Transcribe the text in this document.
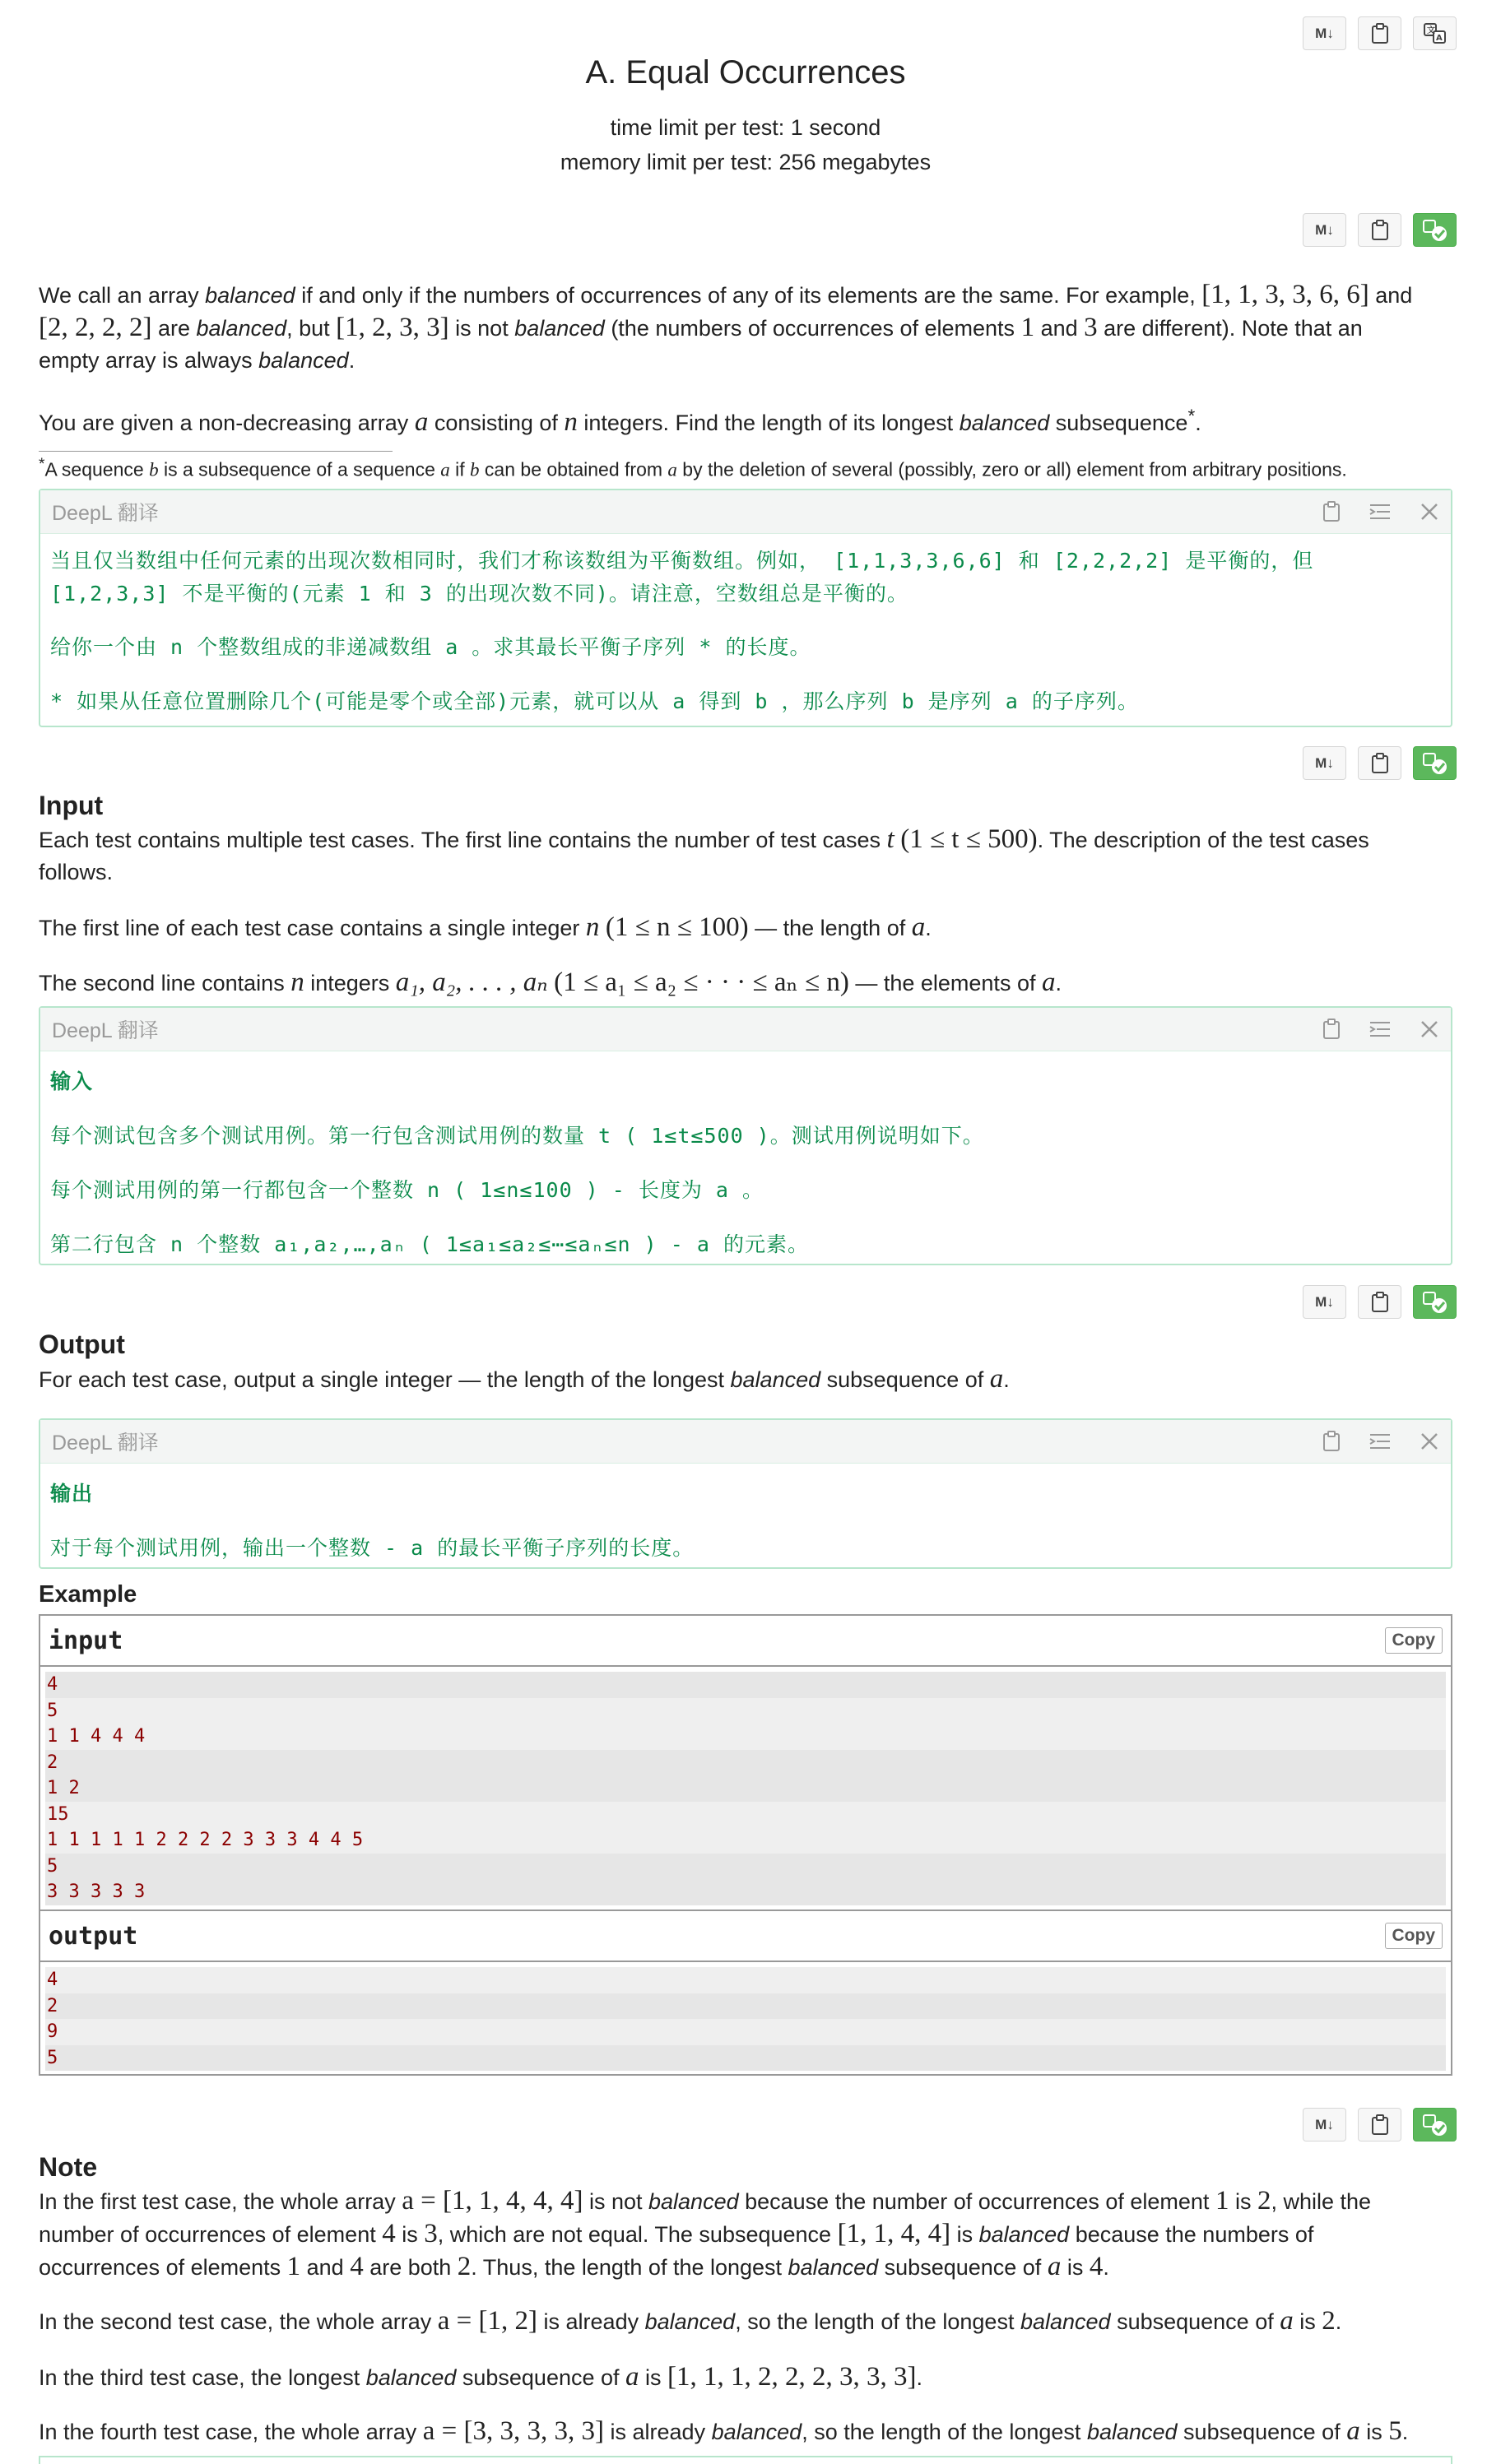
M↓	文
A
A. Equal Occurrences
time limit per test: 1 second
memory limit per test: 256 megabytes
M↓
We call an array balanced if and only if the numbers of occurrences of any of its elements are the same. For example, [1, 1, 3, 3, 6, 6] and
[2, 2, 2, 2] are balanced, but [1, 2, 3, 3] is not balanced (the numbers of occurrences of elements 1 and 3 are different). Note that an
empty array is always balanced.
You are given a non-decreasing array a consisting of n integers. Find the length of its longest balanced subsequence*.
*A sequence b is a subsequence of a sequence a if b can be obtained from a by the deletion of several (possibly, zero or all) element from arbitrary positions.
DeepL 翻译
当且仅当数组中任何元素的出现次数相同时，我们才称该数组为平衡数组。例如， [1,1,3,3,6,6] 和 [2,2,2,2] 是平衡的，但
[1,2,3,3] 不是平衡的(元素 1 和 3 的出现次数不同)。请注意，空数组总是平衡的。
给你一个由 n 个整数组成的非递减数组 a 。求其最长平衡子序列 * 的长度。
* 如果从任意位置删除几个(可能是零个或全部)元素，就可以从 a 得到 b ，那么序列 b 是序列 a 的子序列。
M↓
Input
Each test contains multiple test cases. The first line contains the number of test cases t (1 ≤ t ≤ 500). The description of the test cases
follows.
The first line of each test case contains a single integer n (1 ≤ n ≤ 100) — the length of a.
The second line contains n integers a₁, a₂, . . . , aₙ (1 ≤ a₁ ≤ a₂ ≤ · · · ≤ aₙ ≤ n) — the elements of a.
DeepL 翻译
输入
每个测试包含多个测试用例。第一行包含测试用例的数量 t ( 1≤t≤500 )。测试用例说明如下。
每个测试用例的第一行都包含一个整数 n ( 1≤n≤100 ) - 长度为 a 。
第二行包含 n 个整数 a₁,a₂,…,aₙ ( 1≤a₁≤a₂≤⋯≤aₙ≤n ) - a 的元素。
M↓
Output
For each test case, output a single integer — the length of the longest balanced subsequence of a.
DeepL 翻译
输出
对于每个测试用例，输出一个整数 - a 的最长平衡子序列的长度。
Example
input	Copy
4
5
1 1 4 4 4
2
1 2
15
1 1 1 1 1 2 2 2 2 3 3 3 4 4 5
5
3 3 3 3 3
output	Copy
4
2
9
5
M↓
Note
In the first test case, the whole array a = [1, 1, 4, 4, 4] is not balanced because the number of occurrences of element 1 is 2, while the
number of occurrences of element 4 is 3, which are not equal. The subsequence [1, 1, 4, 4] is balanced because the numbers of
occurrences of elements 1 and 4 are both 2. Thus, the length of the longest balanced subsequence of a is 4.
In the second test case, the whole array a = [1, 2] is already balanced, so the length of the longest balanced subsequence of a is 2.
In the third test case, the longest balanced subsequence of a is [1, 1, 1, 2, 2, 2, 3, 3, 3].
In the fourth test case, the whole array a = [3, 3, 3, 3, 3] is already balanced, so the length of the longest balanced subsequence of a is 5.
